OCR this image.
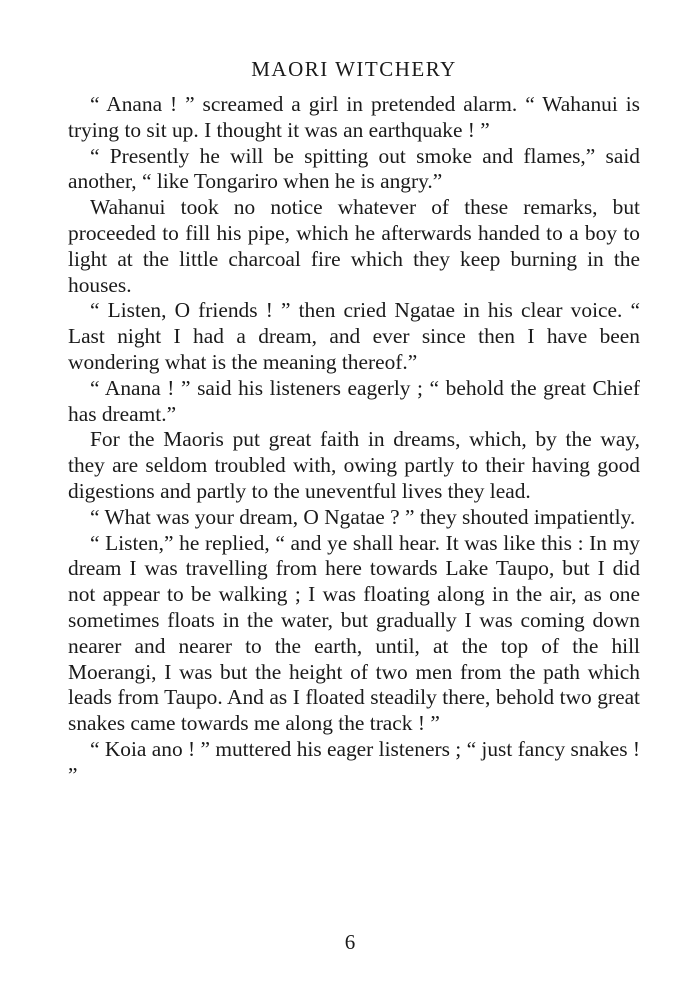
MAORI WITCHERY

“ Anana ! ” screamed a girl in pretended alarm. “ Wahanui is trying to sit up. I thought it was an earthquake ! ”

“ Presently he will be spitting out smoke and flames,” said another, “ like Tongariro when he is angry.”

Wahanui took no notice whatever of these remarks, but proceeded to fill his pipe, which he afterwards handed to a boy to light at the little charcoal fire which they keep burning in the houses.

“ Listen, O friends ! ” then cried Ngatae in his clear voice. “ Last night I had a dream, and ever since then I have been wondering what is the meaning thereof.”

“ Anana ! ” said his listeners eagerly ; “ behold the great Chief has dreamt.”

For the Maoris put great faith in dreams, which, by the way, they are seldom troubled with, owing partly to their having good digestions and partly to the uneventful lives they lead.

“ What was your dream, O Ngatae ? ” they shouted impatiently.

“ Listen,” he replied, “ and ye shall hear. It was like this : In my dream I was travelling from here towards Lake Taupo, but I did not appear to be walking ; I was floating along in the air, as one sometimes floats in the water, but gradually I was coming down nearer and nearer to the earth, until, at the top of the hill Moerangi, I was but the height of two men from the path which leads from Taupo. And as I floated steadily there, behold two great snakes came towards me along the track ! ”

“ Koia ano ! ” muttered his eager listeners ; “ just fancy snakes ! ”

6
